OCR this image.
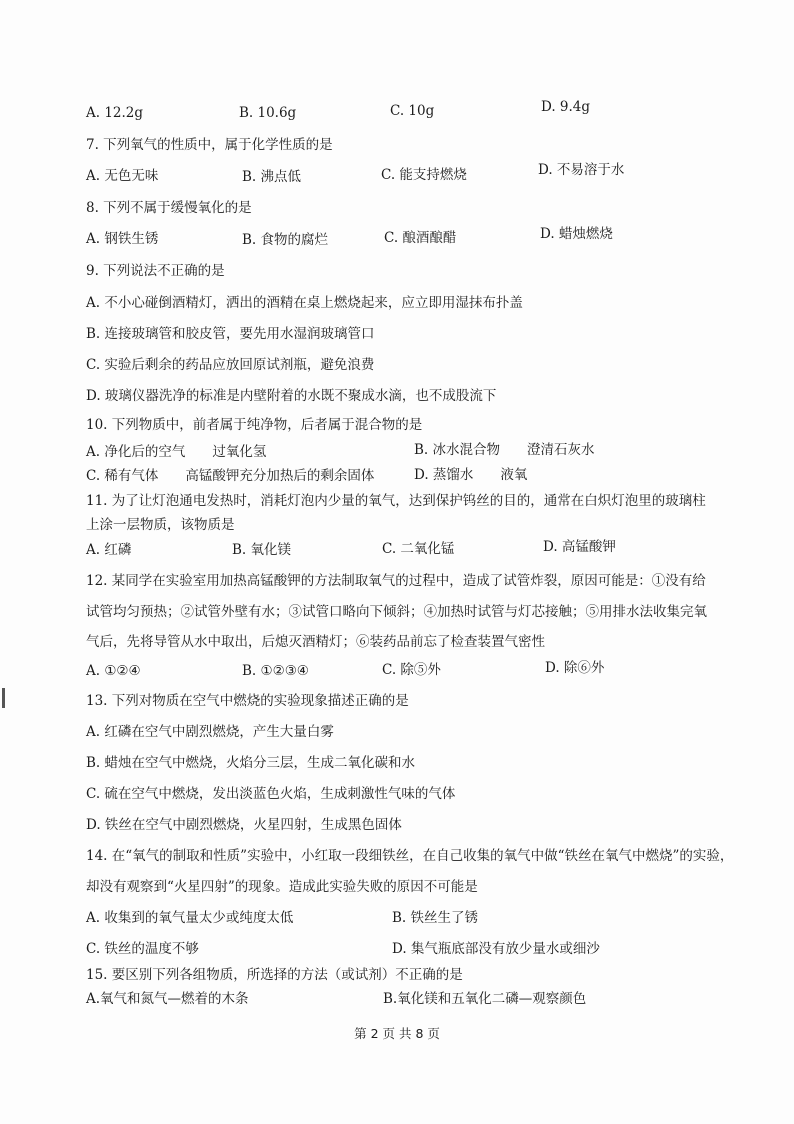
A. 12.2g	B. 10.6g	C. 10g	D. 9.4g
7. 下列氧气的性质中，属于化学性质的是
A. 无色无味	B. 沸点低	C. 能支持燃烧	D. 不易溶于水
8. 下列不属于缓慢氧化的是
A. 钢铁生锈	B. 食物的腐烂	C. 酿酒酿醋	D. 蜡烛燃烧
9. 下列说法不正确的是
A. 不小心碰倒酒精灯，洒出的酒精在桌上燃烧起来，应立即用湿抹布扑盖
B. 连接玻璃管和胶皮管，要先用水湿润玻璃管口
C. 实验后剩余的药品应放回原试剂瓶，避免浪费
D. 玻璃仪器洗净的标准是内壁附着的水既不聚成水滴，也不成股流下
10. 下列物质中，前者属于纯净物，后者属于混合物的是
A. 净化后的空气　　过氧化氢	B. 冰水混合物　　澄清石灰水
C. 稀有气体　　高锰酸钾充分加热后的剩余固体	D. 蒸馏水　　液氧
11. 为了让灯泡通电发热时，消耗灯泡内少量的氧气，达到保护钨丝的目的，通常在白炽灯泡里的玻璃柱
上涂一层物质，该物质是
A. 红磷	B. 氧化镁	C. 二氧化锰	D. 高锰酸钾
12. 某同学在实验室用加热高锰酸钾的方法制取氧气的过程中，造成了试管炸裂，原因可能是：①没有给
试管均匀预热；②试管外壁有水；③试管口略向下倾斜；④加热时试管与灯芯接触；⑤用排水法收集完氧
气后，先将导管从水中取出，后熄灭酒精灯；⑥装药品前忘了检查装置气密性
A. ①②④	B. ①②③④	C. 除⑤外	D. 除⑥外
13. 下列对物质在空气中燃烧的实验现象描述正确的是
A. 红磷在空气中剧烈燃烧，产生大量白雾
B. 蜡烛在空气中燃烧，火焰分三层，生成二氧化碳和水
C. 硫在空气中燃烧，发出淡蓝色火焰，生成刺激性气味的气体
D. 铁丝在空气中剧烈燃烧，火星四射，生成黑色固体
14. 在“氧气的制取和性质”实验中，小红取一段细铁丝，在自己收集的氧气中做“铁丝在氧气中燃烧”的实验，
却没有观察到“火星四射”的现象。造成此实验失败的原因不可能是
A. 收集到的氧气量太少或纯度太低	B. 铁丝生了锈
C. 铁丝的温度不够	D. 集气瓶底部没有放少量水或细沙
15. 要区别下列各组物质，所选择的方法（或试剂）不正确的是
A.氧气和氮气—燃着的木条	B.氧化镁和五氧化二磷—观察颜色
第 2 页 共 8 页
